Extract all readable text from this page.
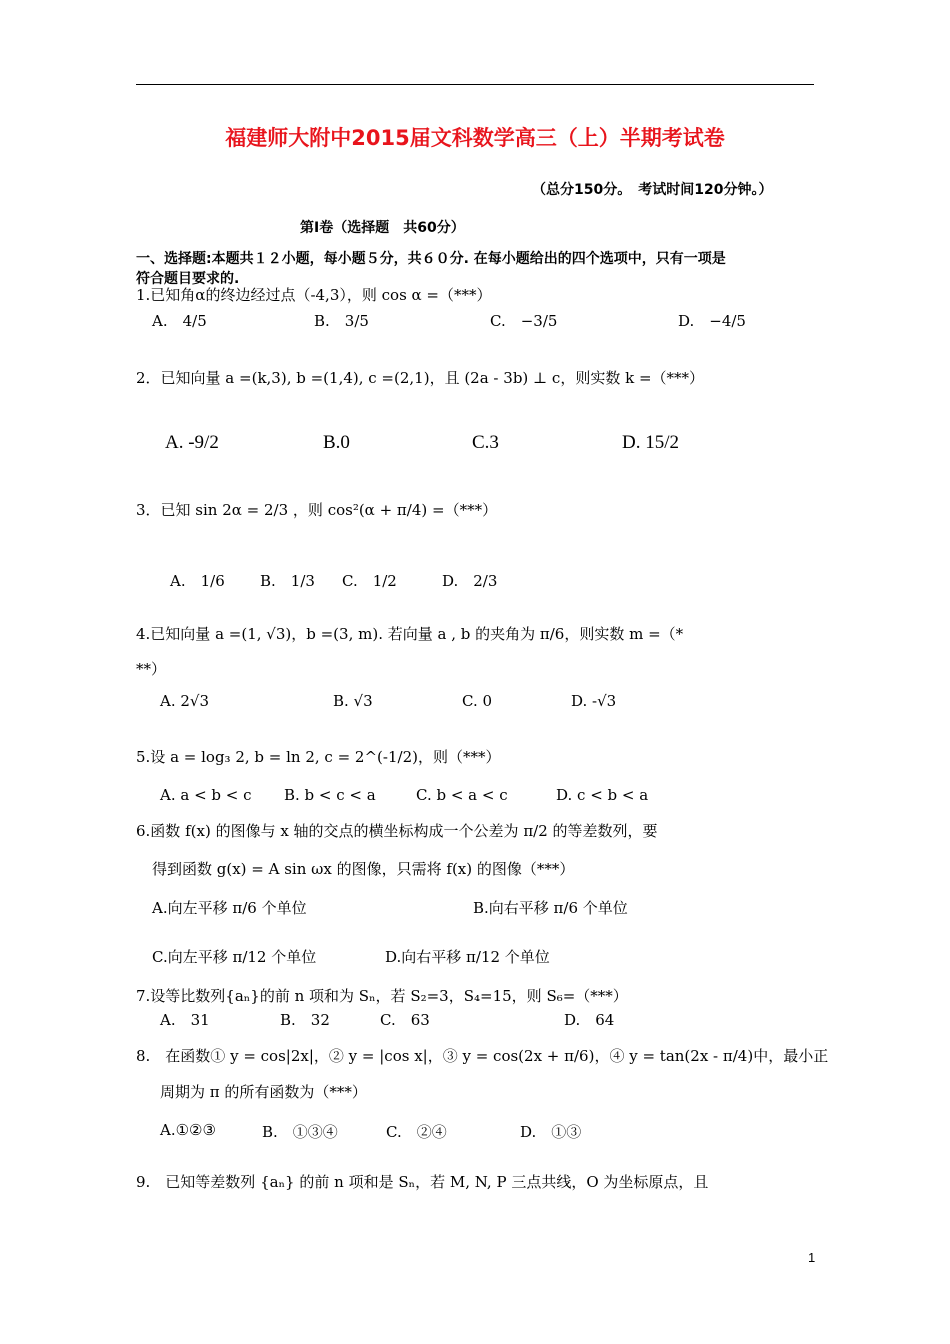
福建师大附中2015届文科数学高三（上）半期考试卷
（总分150分。　考试时间120分钟。）
第Ⅰ卷（选择题　共60分）
一、选择题:本题共１２小题，每小题５分，共６０分. 在每小题给出的四个选项中，只有一项是
符合题目要求的.
1.已知角α的终边经过点（-4,3），则 cos α =（***）
A.　4/5	B.　3/5	C.　−3/5	D.　−4/5
2．已知向量 a =(k,3), b =(1,4), c =(2,1)，且 (2a - 3b) ⊥ c，则实数 k =（***）
A. -9/2	B.0	C.3	D. 15/2
3．已知 sin 2α = 2/3 ，则 cos²(α + π/4) =（***）
A.　1/6 B.　1/3 C.　1/2	D.　2/3
4.已知向量 a =(1, √3)，b =(3, m). 若向量 a , b 的夹角为 π/6，则实数 m =（*
**）
A. 2√3	B. √3	C. 0	D. -√3
5.设 a = log₃ 2, b = ln 2, c = 2^(-1/2)，则（***）
A. a < b < c B. b < c < a	C. b < a < c	D. c < b < a
6.函数 f(x) 的图像与 x 轴的交点的横坐标构成一个公差为 π/2 的等差数列，要
得到函数 g(x) = A sin ωx 的图像，只需将 f(x) 的图像（***）
A.向左平移 π/6 个单位	B.向右平移 π/6 个单位
C.向左平移 π/12 个单位	D.向右平移 π/12 个单位
7.设等比数列{aₙ}的前 n 项和为 Sₙ，若 S₂=3，S₄=15，则 S₆=（***）
A.　31	B.　32	C.　63	D.　64
8.　在函数① y = cos|2x|，② y = |cos x|，③ y = cos(2x + π/6)，④ y = tan(2x - π/4)中，最小正
周期为 π 的所有函数为（***）
A.①②③	B.　①③④	C.　②④	D.　①③
9.　已知等差数列 {aₙ} 的前 n 项和是 Sₙ，若 M, N, P 三点共线，O 为坐标原点，且
1
